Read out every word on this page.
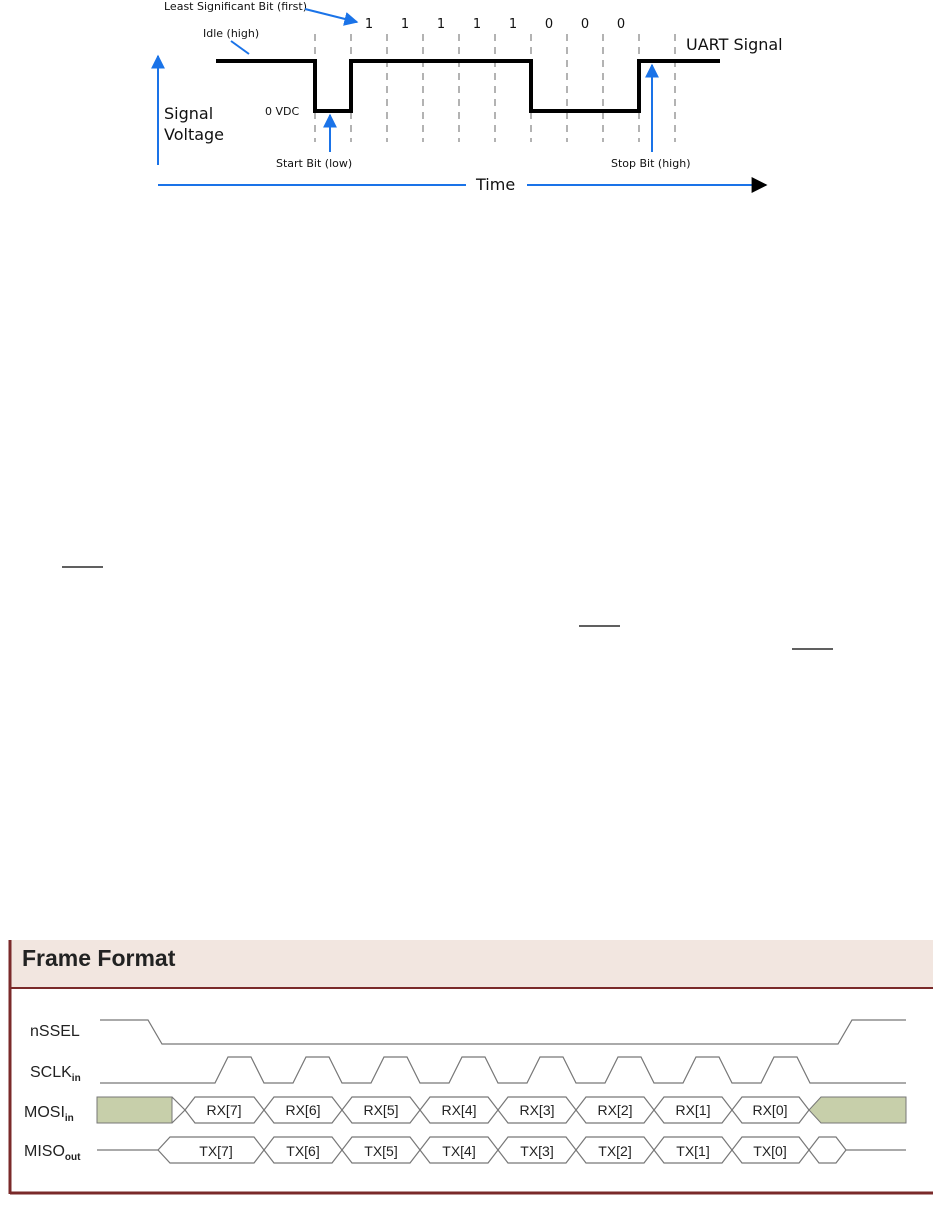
1 1 1 1 1 0 0 0
Least Significant Bit (first)
Idle (high)
UART Signal
Signal
Voltage
0 VDC
Start Bit (low)	Stop Bit (high)
Time
Frame Format
nSSEL
$SCLK_{in}$
$MOSI_{in}$
$MISO_{out}$
RX[7]	RX[6]	RX[5]	RX[4]	RX[3]	RX[2]	RX[1]	RX[0]
TX[7]	TX[6]	TX[5]	TX[4]	TX[3]	TX[2]	TX[1]	TX[0]
